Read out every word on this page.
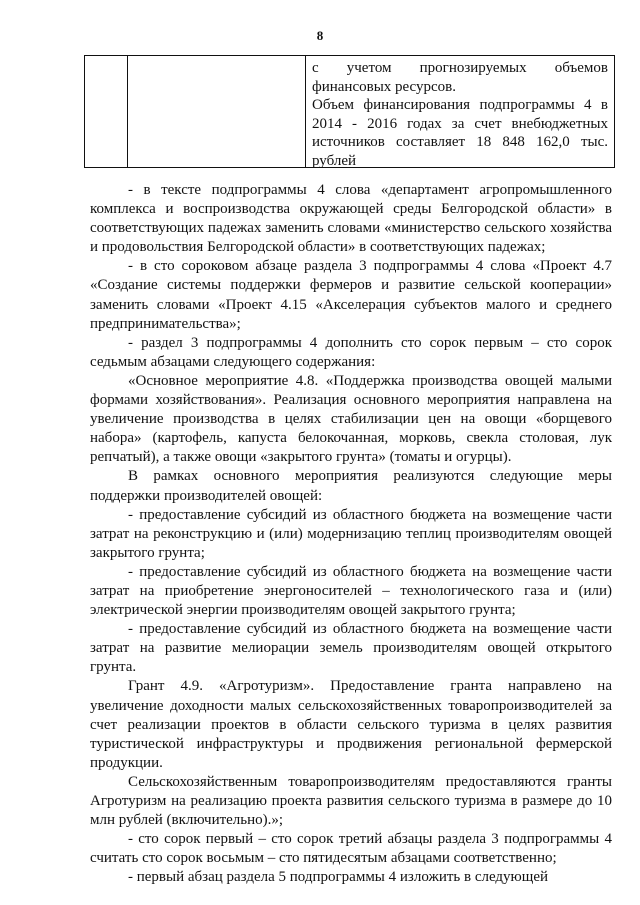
8

с учетом прогнозируемых объемов финансовых ресурсов.

Объем финансирования подпрограммы 4 в 2014 - 2016 годах за счет внебюджетных источников составляет 18 848 162,0 тыс. рублей

- в тексте подпрограммы 4 слова «департамент агропромышленного комплекса и воспроизводства окружающей среды Белгородской области» в соответствующих падежах заменить словами «министерство сельского хозяйства и продовольствия Белгородской области» в соответствующих падежах;

- в сто сороковом абзаце раздела 3 подпрограммы 4 слова «Проект 4.7 «Создание системы поддержки фермеров и развитие сельской кооперации» заменить словами «Проект 4.15 «Акселерация субъектов малого и среднего предпринимательства»;

- раздел 3 подпрограммы 4 дополнить сто сорок первым – сто сорок седьмым абзацами следующего содержания:

«Основное мероприятие 4.8. «Поддержка производства овощей малыми формами хозяйствования». Реализация основного мероприятия направлена на увеличение производства в целях стабилизации цен на овощи «борщевого набора» (картофель, капуста белокочанная, морковь, свекла столовая, лук репчатый), а также овощи «закрытого грунта» (томаты и огурцы).

В рамках основного мероприятия реализуются следующие меры поддержки производителей овощей:

- предоставление субсидий из областного бюджета на возмещение части затрат на реконструкцию и (или) модернизацию теплиц производителям овощей закрытого грунта;

- предоставление субсидий из областного бюджета на возмещение части затрат на приобретение энергоносителей – технологического газа и (или) электрической энергии производителям овощей закрытого грунта;

- предоставление субсидий из областного бюджета на возмещение части затрат на развитие мелиорации земель производителям овощей открытого грунта.

Грант 4.9. «Агротуризм». Предоставление гранта направлено на увеличение доходности малых сельскохозяйственных товаропроизводителей за счет реализации проектов в области сельского туризма в целях развития туристической инфраструктуры и продвижения региональной фермерской продукции.

Сельскохозяйственным товаропроизводителям предоставляются гранты Агротуризм на реализацию проекта развития сельского туризма в размере до 10 млн рублей (включительно).»;

- сто сорок первый – сто сорок третий абзацы раздела 3 подпрограммы 4 считать сто сорок восьмым – сто пятидесятым абзацами соответственно;

- первый абзац раздела 5 подпрограммы 4 изложить в следующей
